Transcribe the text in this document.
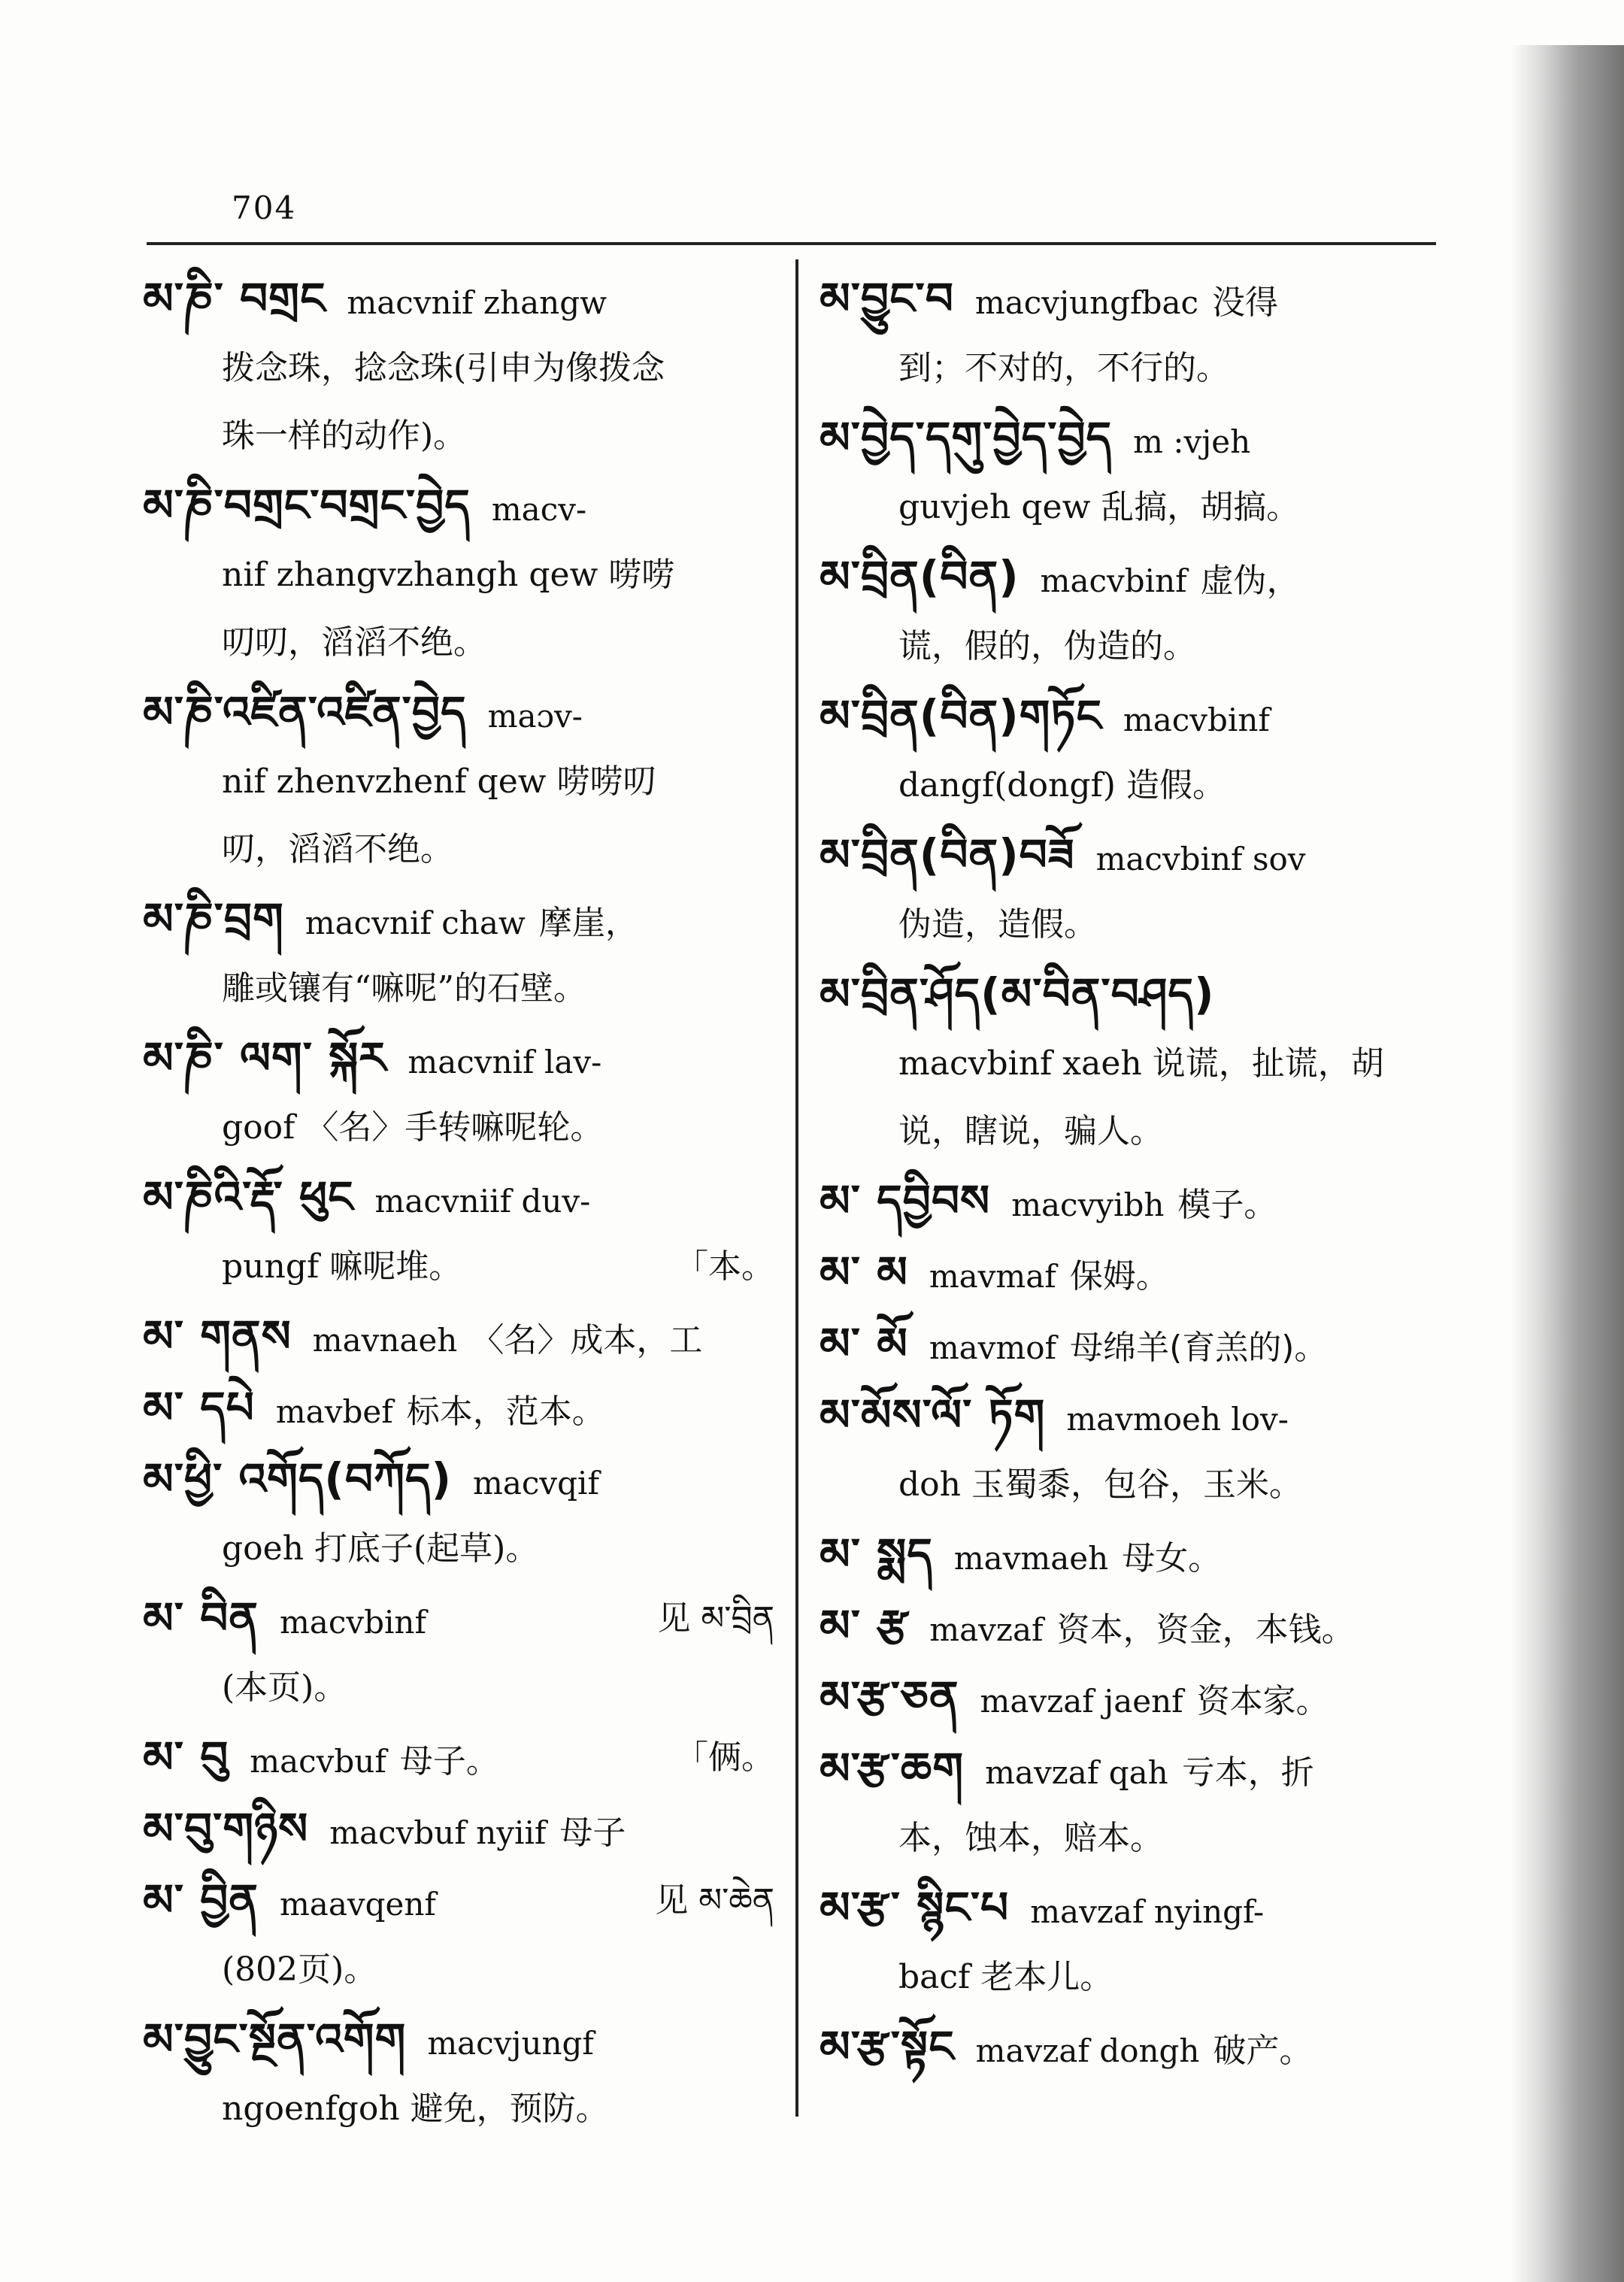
704
མ་ཎི་ བགྲང macvnif zhangw
拨念珠，捻念珠(引申为像拨念
珠一样的动作)。
མ་ཎི་བགྲང་བགྲང་བྱེད macv-
nif zhangvzhangh qew 唠唠
叨叨，滔滔不绝。
མ་ཎི་འཛིན་འཛིན་བྱེད maɔv-
nif zhenvzhenf qew 唠唠叨
叨，滔滔不绝。
མ་ཎི་བྲག macvnif chaw 摩崖，
雕或镶有“嘛呢”的石壁。
མ་ཎི་ ལག་ སྐོར macvnif lav-
goof 〈名〉手转嘛呢轮。
མ་ཎིའི་རྡོ་ ཕུང macvniif duv-
pungf 嘛呢堆。	「本。
མ་ གནས mavnaeh 〈名〉成本，工
མ་ དཔེ mavbef 标本，范本。
མ་ཕྱི་ འགོད(བཀོད) macvqif
goeh 打底子(起草)。
མ་ བིན macvbinf	见 མ་བྲིན
(本页)。
མ་ བུ macvbuf 母子。	「俩。
མ་བུ་གཉིས macvbuf nyiif 母子
མ་ བྱིན maavqenf	见 མ་ཆེན
(802页)。
མ་བྱུང་སྔོན་འགོག macvjungf
ngoenfgoh 避免，预防。
མ་བྱུང་བ macvjungfbac 没得
到；不对的，不行的。
མ་བྱེད་དགུ་བྱེད་བྱེད m :vjeh
guvjeh qew 乱搞，胡搞。
མ་བྲིན(བིན) macvbinf 虚伪，
谎，假的，伪造的。
མ་བྲིན(བིན)གཏོང macvbinf
dangf(dongf) 造假。
མ་བྲིན(བིན)བཟོ macvbinf sov
伪造，造假。
མ་བྲིན་ཤོད(མ་བིན་བཤད)
macvbinf xaeh 说谎，扯谎，胡
说，瞎说，骗人。
མ་ དབྱིབས macvyibh 模子。
མ་ མ mavmaf 保姆。
མ་ མོ mavmof 母绵羊(育羔的)。
མ་མོས་ལོ་ ཏོག mavmoeh lov-
doh 玉蜀黍，包谷，玉米。
མ་ སྨད mavmaeh 母女。
མ་ རྩ mavzaf 资本，资金，本钱。
མ་རྩ་ཅན mavzaf jaenf 资本家。
མ་རྩ་ཆག mavzaf qah 亏本，折
本，蚀本，赔本。
མ་རྩ་ སྙིང་པ mavzaf nyingf-
bacf 老本儿。
མ་རྩ་སྟོང mavzaf dongh 破产。
